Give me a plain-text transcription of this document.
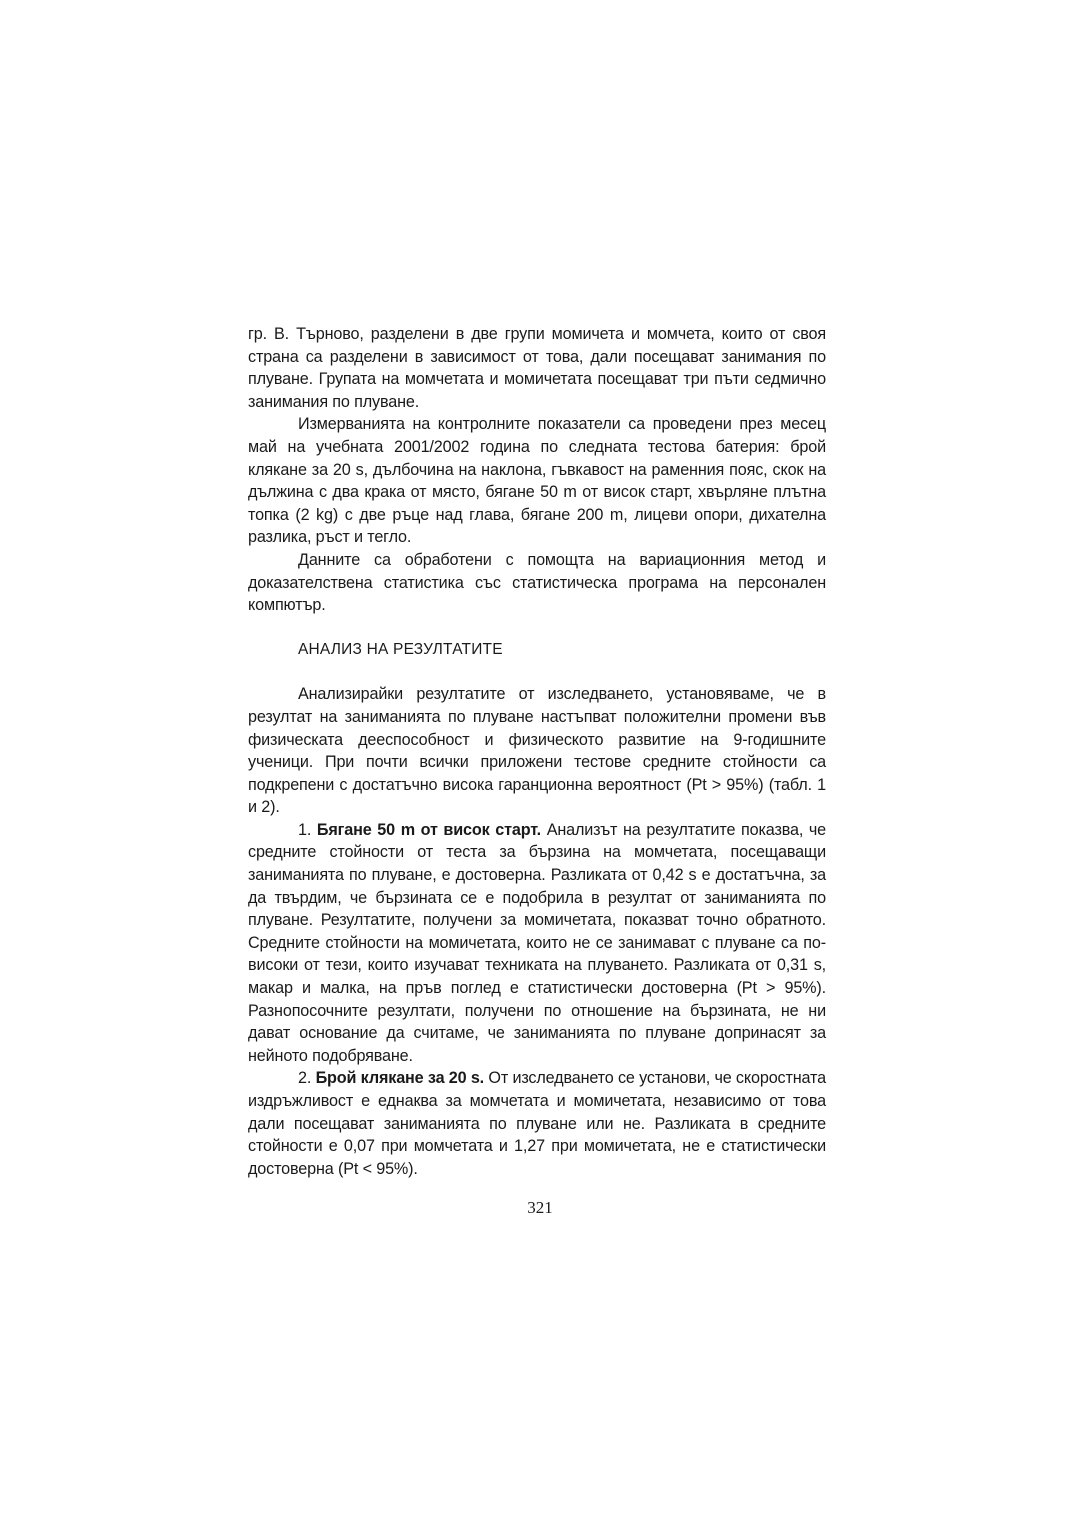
гр. В. Търново, разделени в две групи момичета и момчета, които от своя страна са разделени в зависимост от това, дали посещават занимания по плуване. Групата на момчетата и момичетата посещават три пъти седмично занимания по плуване.

Измерванията на контролните показатели са проведени през месец май на учебната 2001/2002 година по следната тестова батерия: брой клякане за 20 s, дълбочина на наклона, гъвкавост на раменния пояс, скок на дължина с два крака от място, бягане 50 m от висок старт, хвърляне плътна топка (2 kg) с две ръце над глава, бягане 200 m, лицеви опори, дихателна разлика, ръст и тегло.

Данните са обработени с помощта на вариационния метод и доказателствена статистика със статистическа програма на персонален компютър.

АНАЛИЗ НА РЕЗУЛТАТИТЕ

Анализирайки резултатите от изследването, установяваме, че в резултат на заниманията по плуване настъпват положителни промени във физическата дееспособност и физическото развитие на 9-годишните ученици. При почти всички приложени тестове средните стойности са подкрепени с достатъчно висока гаранционна вероятност (Pt > 95%) (табл. 1 и 2).

1. Бягане 50 m от висок старт. Анализът на резултатите показва, че средните стойности от теста за бързина на момчетата, посещаващи заниманията по плуване, е достоверна. Разликата от 0,42 s е достатъчна, за да твърдим, че бързината се е подобрила в резултат от заниманията по плуване. Резултатите, получени за момичетата, показват точно обратното. Средните стойности на момичетата, които не се занимават с плуване са по-високи от тези, които изучават техниката на плуването. Разликата от 0,31 s, макар и малка, на пръв поглед е статистически достоверна (Pt > 95%). Разнопосочните резултати, получени по отношение на бързината, не ни дават основание да считаме, че заниманията по плуване допринасят за нейното подобряване.

2. Брой клякане за 20 s. От изследването се установи, че скоростната издръжливост е еднаква за момчетата и момичетата, независимо от това дали посещават заниманията по плуване или не. Разликата в средните стойности е 0,07 при момчетата и 1,27 при момичетата, не е статистически достоверна (Pt < 95%).

321
